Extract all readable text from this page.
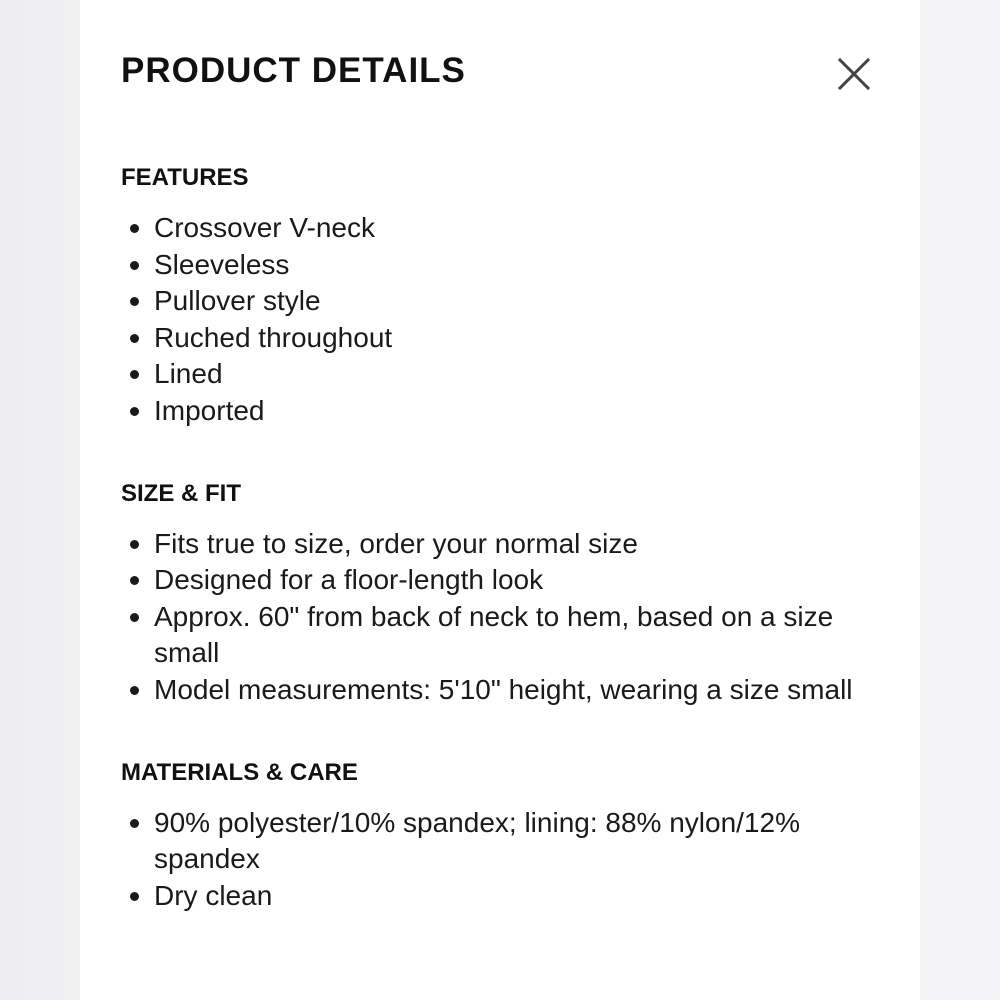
PRODUCT DETAILS
FEATURES
Crossover V-neck
Sleeveless
Pullover style
Ruched throughout
Lined
Imported
SIZE & FIT
Fits true to size, order your normal size
Designed for a floor-length look
Approx. 60" from back of neck to hem, based on a size small
Model measurements: 5'10" height, wearing a size small
MATERIALS & CARE
90% polyester/10% spandex; lining: 88% nylon/12% spandex
Dry clean
